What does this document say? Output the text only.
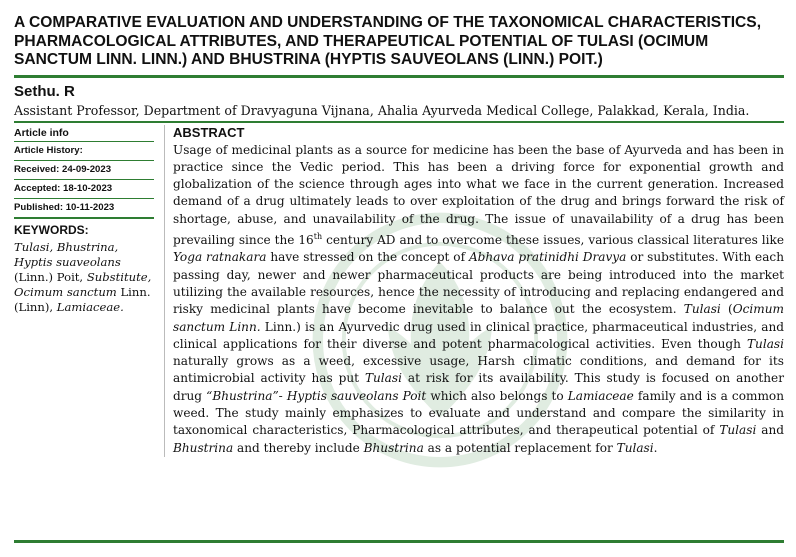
A COMPARATIVE EVALUATION AND UNDERSTANDING OF THE TAXONOMICAL CHARACTERISTICS, PHARMACOLOGICAL ATTRIBUTES, AND THERAPEUTICAL POTENTIAL OF TULASI (OCIMUM SANCTUM LINN. LINN.) AND BHUSTRINA (HYPTIS SAUVEOLANS (LINN.) POIT.)
Sethu. R
Assistant Professor, Department of Dravyaguna Vijnana, Ahalia Ayurveda Medical College, Palakkad, Kerala, India.
Article info
Article History:
Received: 24-09-2023
Accepted: 18-10-2023
Published: 10-11-2023
KEYWORDS:
Tulasi, Bhustrina, Hyptis suaveolans (Linn.) Poit, Substitute, Ocimum sanctum Linn. (Linn), Lamiaceae.
ABSTRACT
Usage of medicinal plants as a source for medicine has been the base of Ayurveda and has been in practice since the Vedic period. This has been a driving force for exponential growth and globalization of the science through ages into what we face in the current generation. Increased demand of a drug ultimately leads to over exploitation of the drug and brings forward the risk of shortage, abuse, and unavailability of the drug. The issue of unavailability of a drug has been prevailing since the 16th century AD and to overcome these issues, various classical literatures like Yoga ratnakara have stressed on the concept of Abhava pratinidhi Dravya or substitutes. With each passing day, newer and newer pharmaceutical products are being introduced into the market utilizing the available resources, hence the necessity of introducing and replacing endangered and risky medicinal plants have become inevitable to balance out the ecosystem. Tulasi (Ocimum sanctum Linn. Linn.) is an Ayurvedic drug used in clinical practice, pharmaceutical industries, and clinical applications for their diverse and potent pharmacological activities. Even though Tulasi naturally grows as a weed, excessive usage, Harsh climatic conditions, and demand for its antimicrobial activity has put Tulasi at risk for its availability. This study is focused on another drug “Bhustrina”- Hyptis sauveolans Poit which also belongs to Lamiaceae family and is a common weed. The study mainly emphasizes to evaluate and understand and compare the similarity in taxonomical characteristics, Pharmacological attributes, and therapeutical potential of Tulasi and Bhustrina and thereby include Bhustrina as a potential replacement for Tulasi.
